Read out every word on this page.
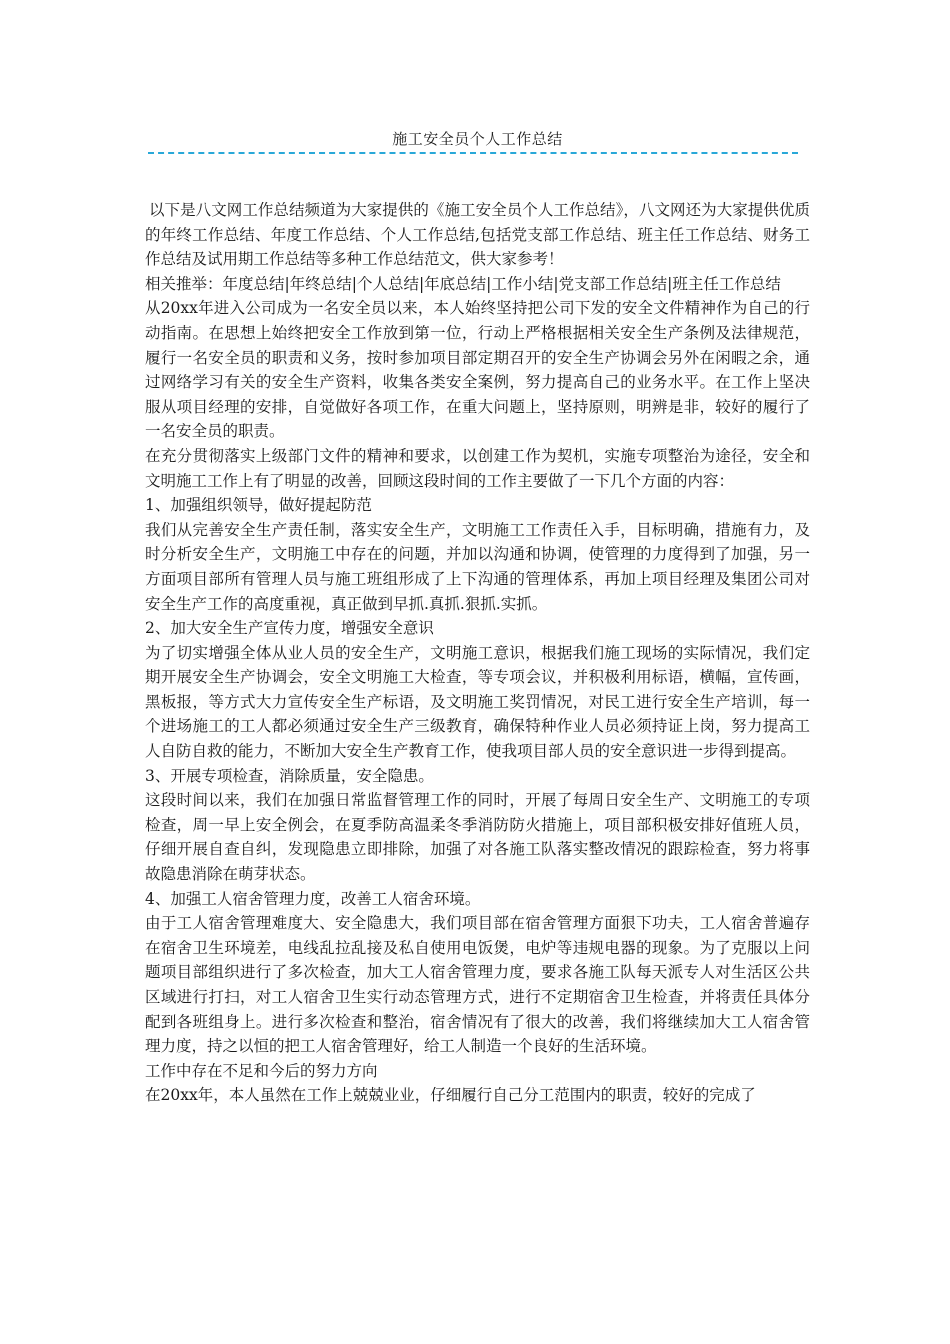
施工安全员个人工作总结

以下是八文网工作总结频道为大家提供的《施工安全员个人工作总结》，八文网还为大家提供优质的年终工作总结、年度工作总结、个人工作总结,包括党支部工作总结、班主任工作总结、财务工作总结及试用期工作总结等多种工作总结范文，供大家参考！

相关推举：年度总结|年终总结|个人总结|年底总结|工作小结|党支部工作总结|班主任工作总结

从20xx年进入公司成为一名安全员以来，本人始终坚持把公司下发的安全文件精神作为自己的行动指南。在思想上始终把安全工作放到第一位，行动上严格根据相关安全生产条例及法律规范，履行一名安全员的职责和义务，按时参加项目部定期召开的安全生产协调会另外在闲暇之余，通过网络学习有关的安全生产资料，收集各类安全案例，努力提高自己的业务水平。在工作上坚决服从项目经理的安排，自觉做好各项工作，在重大问题上，坚持原则，明辨是非，较好的履行了一名安全员的职责。

在充分贯彻落实上级部门文件的精神和要求，以创建工作为契机，实施专项整治为途径，安全和文明施工工作上有了明显的改善，回顾这段时间的工作主要做了一下几个方面的内容：

1、加强组织领导，做好提起防范

我们从完善安全生产责任制，落实安全生产，文明施工工作责任入手，目标明确，措施有力，及时分析安全生产，文明施工中存在的问题，并加以沟通和协调，使管理的力度得到了加强，另一方面项目部所有管理人员与施工班组形成了上下沟通的管理体系，再加上项目经理及集团公司对安全生产工作的高度重视，真正做到早抓.真抓.狠抓.实抓。

2、加大安全生产宣传力度，增强安全意识

为了切实增强全体从业人员的安全生产，文明施工意识，根据我们施工现场的实际情况，我们定期开展安全生产协调会，安全文明施工大检查，等专项会议，并积极利用标语，横幅，宣传画，黑板报，等方式大力宣传安全生产标语，及文明施工奖罚情况，对民工进行安全生产培训，每一个进场施工的工人都必须通过安全生产三级教育，确保特种作业人员必须持证上岗，努力提高工人自防自救的能力，不断加大安全生产教育工作，使我项目部人员的安全意识进一步得到提高。

3、开展专项检查，消除质量，安全隐患。

这段时间以来，我们在加强日常监督管理工作的同时，开展了每周日安全生产、文明施工的专项检查，周一早上安全例会，在夏季防高温柔冬季消防防火措施上，项目部积极安排好值班人员，仔细开展自查自纠，发现隐患立即排除，加强了对各施工队落实整改情况的跟踪检查，努力将事故隐患消除在萌芽状态。

4、加强工人宿舍管理力度，改善工人宿舍环境。

由于工人宿舍管理难度大、安全隐患大，我们项目部在宿舍管理方面狠下功夫，工人宿舍普遍存在宿舍卫生环境差，电线乱拉乱接及私自使用电饭煲，电炉等违规电器的现象。为了克服以上问题项目部组织进行了多次检查，加大工人宿舍管理力度，要求各施工队每天派专人对生活区公共区域进行打扫，对工人宿舍卫生实行动态管理方式，进行不定期宿舍卫生检查，并将责任具体分配到各班组身上。进行多次检查和整治，宿舍情况有了很大的改善，我们将继续加大工人宿舍管理力度，持之以恒的把工人宿舍管理好，给工人制造一个良好的生活环境。

工作中存在不足和今后的努力方向

在20xx年，本人虽然在工作上兢兢业业，仔细履行自己分工范围内的职责，较好的完成了
